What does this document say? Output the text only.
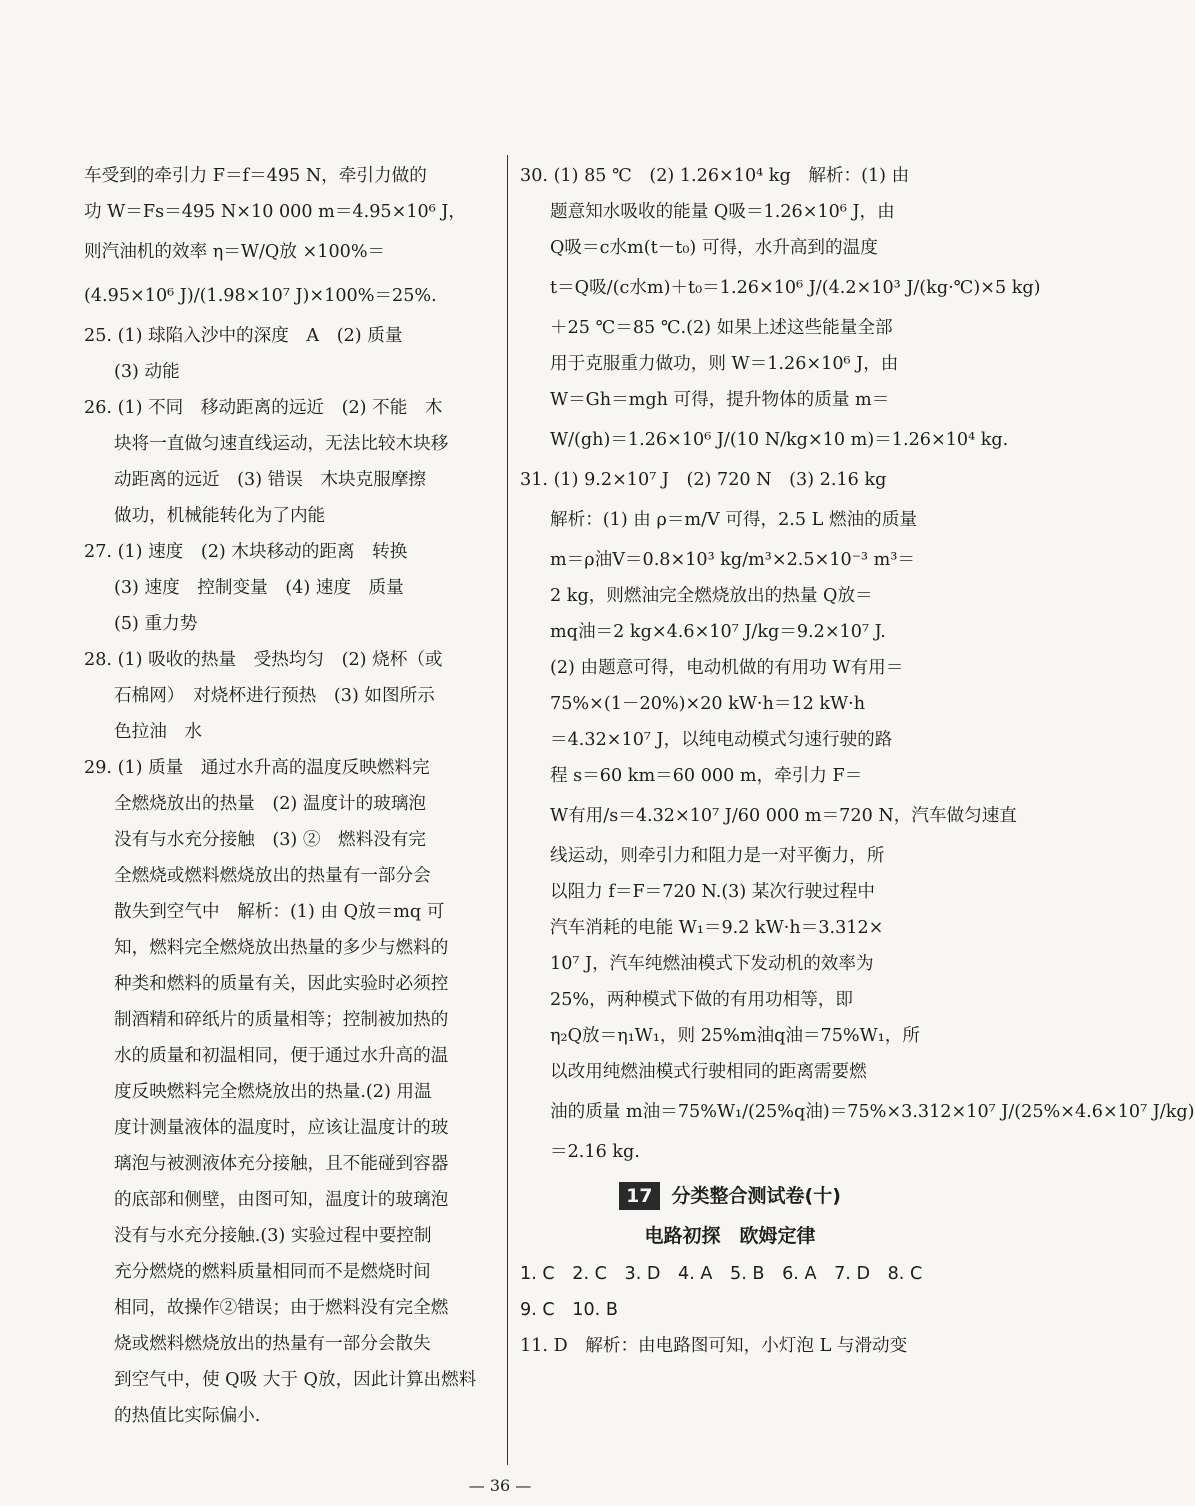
车受到的牵引力 F＝f＝495 N，牵引力做的
功 W＝Fs＝495 N×10 000 m＝4.95×10⁶ J，
则汽油机的效率 η＝W/Q放 ×100%＝
(4.95×10⁶ J)/(1.98×10⁷ J)×100%＝25%.
25. (1) 球陷入沙中的深度　A　(2) 质量
(3) 动能
26. (1) 不同　移动距离的远近　(2) 不能　木
块将一直做匀速直线运动，无法比较木块移
动距离的远近　(3) 错误　木块克服摩擦
做功，机械能转化为了内能
27. (1) 速度　(2) 木块移动的距离　转换
(3) 速度　控制变量　(4) 速度　质量
(5) 重力势
28. (1) 吸收的热量　受热均匀　(2) 烧杯（或
石棉网）　对烧杯进行预热　(3) 如图所示
色拉油　水
29. (1) 质量　通过水升高的温度反映燃料完
全燃烧放出的热量　(2) 温度计的玻璃泡
没有与水充分接触　(3) ②　燃料没有完
全燃烧或燃料燃烧放出的热量有一部分会
散失到空气中　解析：(1) 由 Q放＝mq 可
知，燃料完全燃烧放出热量的多少与燃料的
种类和燃料的质量有关，因此实验时必须控
制酒精和碎纸片的质量相等；控制被加热的
水的质量和初温相同，便于通过水升高的温
度反映燃料完全燃烧放出的热量.(2) 用温
度计测量液体的温度时，应该让温度计的玻
璃泡与被测液体充分接触，且不能碰到容器
的底部和侧壁，由图可知，温度计的玻璃泡
没有与水充分接触.(3) 实验过程中要控制
充分燃烧的燃料质量相同而不是燃烧时间
相同，故操作②错误；由于燃料没有完全燃
烧或燃料燃烧放出的热量有一部分会散失
到空气中，使 Q吸 大于 Q放，因此计算出燃料
的热值比实际偏小.
30. (1) 85 ℃　(2) 1.26×10⁴ kg　解析：(1) 由
题意知水吸收的能量 Q吸＝1.26×10⁶ J，由
Q吸＝c水m(t－t₀) 可得，水升高到的温度
t＝Q吸/(c水m)＋t₀＝1.26×10⁶ J/(4.2×10³ J/(kg·℃)×5 kg)
＋25 ℃＝85 ℃.(2) 如果上述这些能量全部
用于克服重力做功，则 W＝1.26×10⁶ J，由
W＝Gh＝mgh 可得，提升物体的质量 m＝
W/(gh)＝1.26×10⁶ J/(10 N/kg×10 m)＝1.26×10⁴ kg.
31. (1) 9.2×10⁷ J　(2) 720 N　(3) 2.16 kg
解析：(1) 由 ρ＝m/V 可得，2.5 L 燃油的质量
m＝ρ油V＝0.8×10³ kg/m³×2.5×10⁻³ m³＝
2 kg，则燃油完全燃烧放出的热量 Q放＝
mq油＝2 kg×4.6×10⁷ J/kg＝9.2×10⁷ J.
(2) 由题意可得，电动机做的有用功 W有用＝
75%×(1－20%)×20 kW·h＝12 kW·h
＝4.32×10⁷ J，以纯电动模式匀速行驶的路
程 s＝60 km＝60 000 m，牵引力 F＝
W有用/s＝4.32×10⁷ J/60 000 m＝720 N，汽车做匀速直
线运动，则牵引力和阻力是一对平衡力，所
以阻力 f＝F＝720 N.(3) 某次行驶过程中
汽车消耗的电能 W₁＝9.2 kW·h＝3.312×
10⁷ J，汽车纯燃油模式下发动机的效率为
25%，两种模式下做的有用功相等，即
η₂Q放＝η₁W₁，则 25%m油q油＝75%W₁，所
以改用纯燃油模式行驶相同的距离需要燃
油的质量 m油＝75%W₁/(25%q油)＝75%×3.312×10⁷ J/(25%×4.6×10⁷ J/kg)
＝2.16 kg.
17 分类整合测试卷(十)
电路初探　欧姆定律
1. C　2. C　3. D　4. A　5. B　6. A　7. D　8. C
9. C　10. B
11. D　解析：由电路图可知，小灯泡 L 与滑动变
— 36 —
